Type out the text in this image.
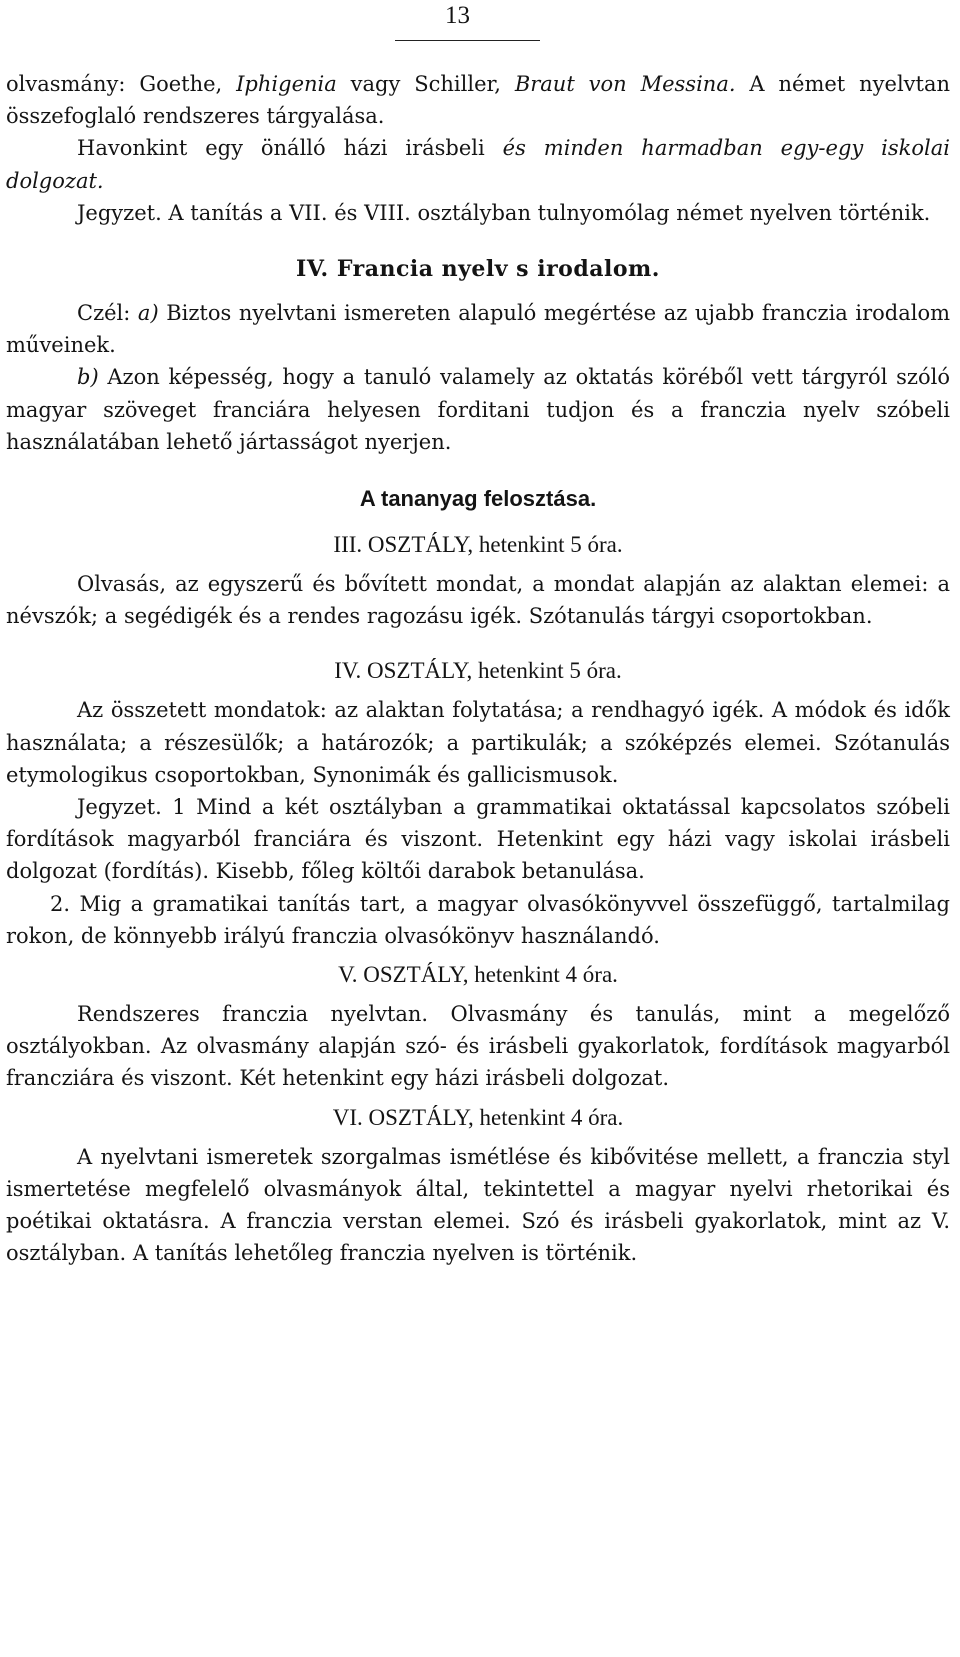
13

olvasmány: Goethe, Iphigenia vagy Schiller, Braut von Messina. A német nyelvtan összefoglaló rendszeres tárgyalása.

Havonkint egy önálló házi irásbeli és minden harmadban egy-egy iskolai dolgozat.

Jegyzet. A tanítás a VII. és VIII. osztályban tulnyomólag német nyelven történik.

IV. Francia nyelv s irodalom.

Czél: a) Biztos nyelvtani ismereten alapuló megértése az ujabb franczia irodalom műveinek.

b) Azon képesség, hogy a tanuló valamely az oktatás köréből vett tárgyról szóló magyar szöveget franciára helyesen forditani tudjon és a franczia nyelv szóbeli használatában lehető jártasságot nyerjen.

A tananyag felosztása.
III. OSZTÁLY, hetenkint 5 óra.

Olvasás, az egyszerű és bővített mondat, a mondat alapján az alaktan elemei: a névszók; a segédigék és a rendes ragozásu igék. Szótanulás tárgyi csoportokban.

IV. OSZTÁLY, hetenkint 5 óra.

Az összetett mondatok: az alaktan folytatása; a rendhagyó igék. A módok és idők használata; a részesülők; a határozók; a partikulák; a szóképzés elemei. Szótanulás etymologikus csoportokban, Synonimák és gallicismusok.

Jegyzet. 1 Mind a két osztályban a grammatikai oktatással kapcsolatos szóbeli fordítások magyarból franciára és viszont. Hetenkint egy házi vagy iskolai irásbeli dolgozat (fordítás). Kisebb, főleg költői darabok betanulása.

2. Mig a gramatikai tanítás tart, a magyar olvasókönyvvel összefüggő, tartalmilag rokon, de könnyebb irályú franczia olvasókönyv használandó.

V. OSZTÁLY, hetenkint 4 óra.

Rendszeres franczia nyelvtan. Olvasmány és tanulás, mint a megelőző osztályokban. Az olvasmány alapján szó- és irásbeli gyakorlatok, fordítások magyarból francziára és viszont. Két hetenkint egy házi irásbeli dolgozat.

VI. OSZTÁLY, hetenkint 4 óra.

A nyelvtani ismeretek szorgalmas ismétlése és kibővitése mellett, a franczia styl ismertetése megfelelő olvasmányok által, tekintettel a magyar nyelvi rhetorikai és poétikai oktatásra. A franczia verstan elemei. Szó és irásbeli gyakorlatok, mint az V. osztályban. A tanítás lehetőleg franczia nyelven is történik.
